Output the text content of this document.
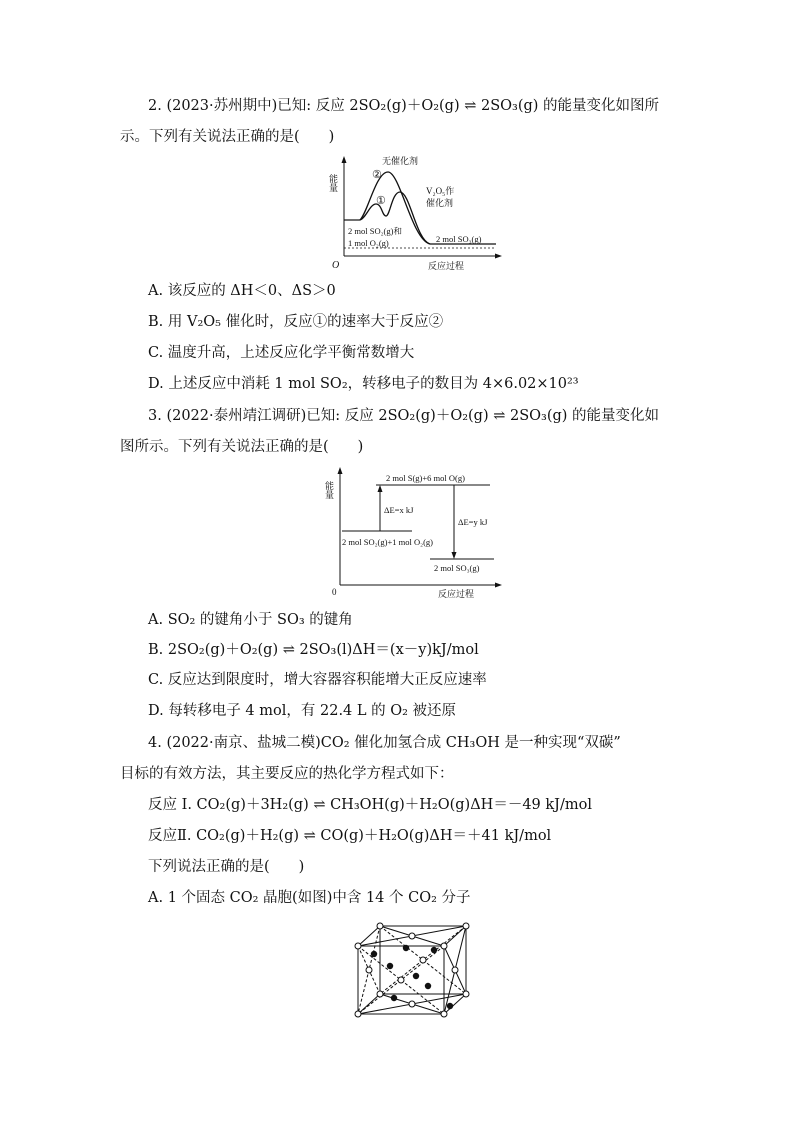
2. (2023·苏州期中)已知: 反应 2SO₂(g)＋O₂(g) ⇌ 2SO₃(g) 的能量变化如图所
示。下列有关说法正确的是(　　)
O
能量
反应过程
②
①
无催化剂
V₂O₅作
催化剂
2 mol SO₂(g)和
1 mol O₂(g)	2 mol SO₃(g)
A. 该反应的 ΔH＜0、ΔS＞0
B. 用 V₂O₅ 催化时，反应①的速率大于反应②
C. 温度升高，上述反应化学平衡常数增大
D. 上述反应中消耗 1 mol SO₂，转移电子的数目为 4×6.02×10²³
3. (2022·泰州靖江调研)已知: 反应 2SO₂(g)＋O₂(g) ⇌ 2SO₃(g) 的能量变化如
图所示。下列有关说法正确的是(　　)
0
能量
反应过程
2 mol S(g)+6 mol O(g)
ΔE=x kJ
ΔE=y kJ
2 mol SO₂(g)+1 mol O₂(g)
2 mol SO₃(g)
A. SO₂ 的键角小于 SO₃ 的键角
B. 2SO₂(g)＋O₂(g) ⇌ 2SO₃(l)ΔH＝(x－y)kJ/mol
C. 反应达到限度时，增大容器容积能增大正反应速率
D. 每转移电子 4 mol，有 22.4 L 的 O₂ 被还原
4. (2022·南京、盐城二模)CO₂ 催化加氢合成 CH₃OH 是一种实现“双碳”
目标的有效方法，其主要反应的热化学方程式如下：
反应 Ⅰ. CO₂(g)＋3H₂(g) ⇌ CH₃OH(g)＋H₂O(g)ΔH＝－49 kJ/mol
反应Ⅱ. CO₂(g)＋H₂(g) ⇌ CO(g)＋H₂O(g)ΔH＝＋41 kJ/mol
下列说法正确的是(　　)
A. 1 个固态 CO₂ 晶胞(如图)中含 14 个 CO₂ 分子
